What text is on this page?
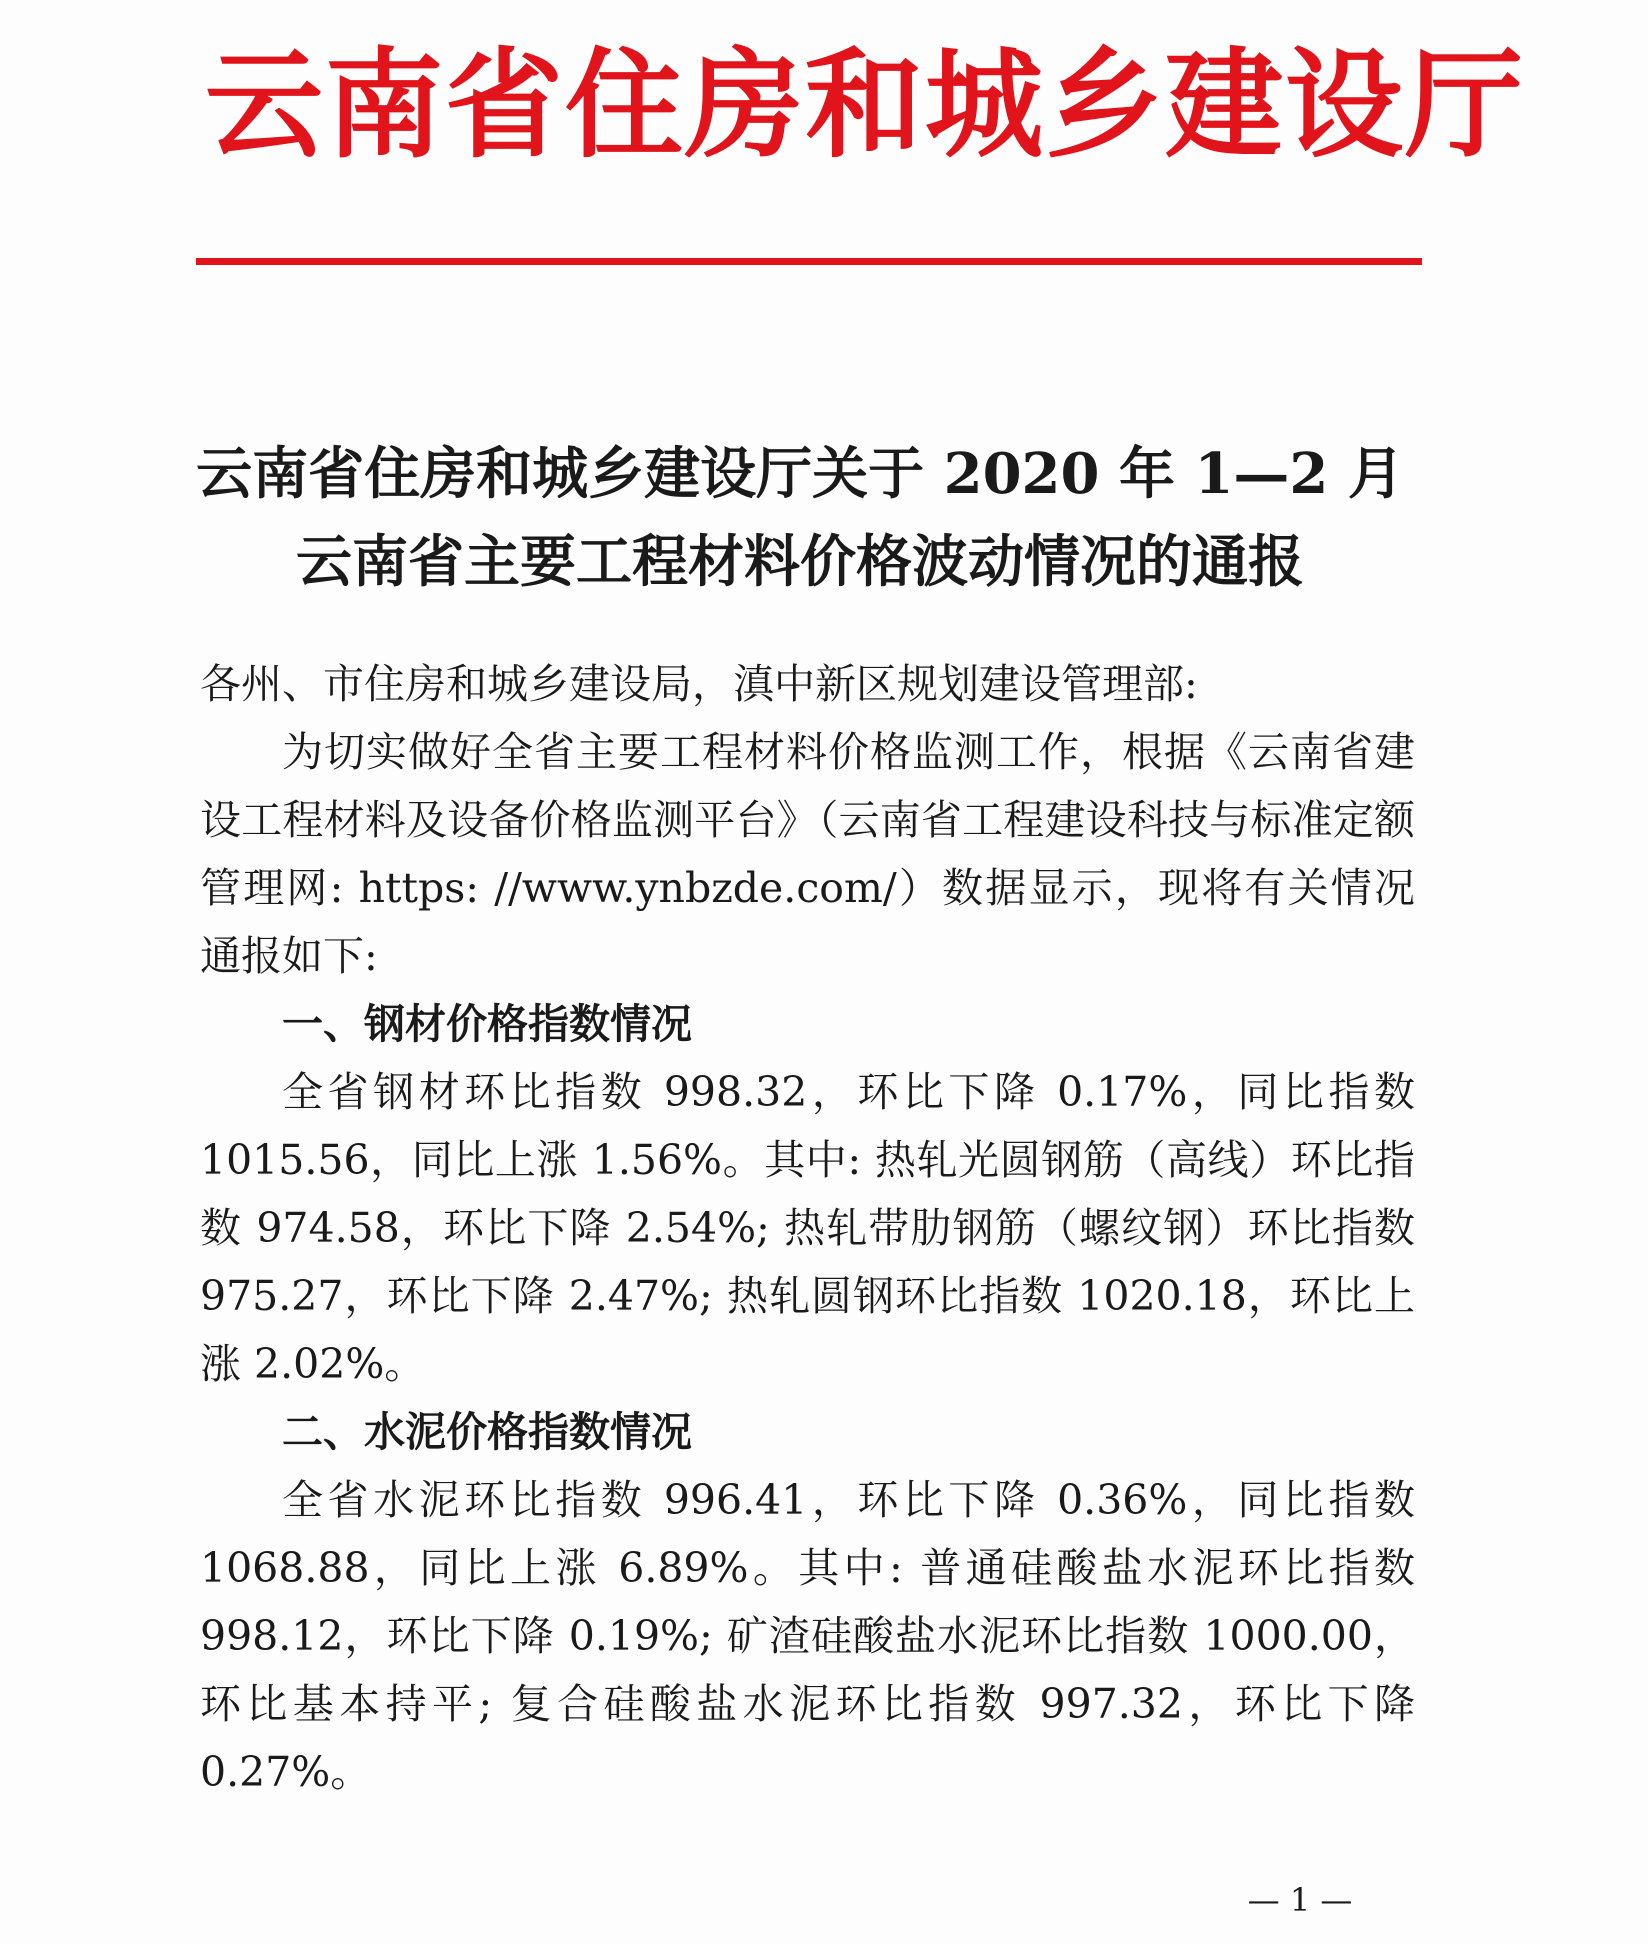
云南省住房和城乡建设厅
云南省住房和城乡建设厅关于 2020 年 1—2 月
云南省主要工程材料价格波动情况的通报

各州、市住房和城乡建设局，滇中新区规划建设管理部:

为切实做好全省主要工程材料价格监测工作，根据《云南省建设工程材料及设备价格监测平台》（云南省工程建设科技与标准定额管理网: https: //www.ynbzde.com/）数据显示，现将有关情况通报如下:

一、钢材价格指数情况

全省钢材环比指数 998.32，环比下降 0.17%，同比指数 1015.56，同比上涨 1.56%。其中: 热轧光圆钢筋（高线）环比指数 974.58，环比下降 2.54%; 热轧带肋钢筋（螺纹钢）环比指数 975.27，环比下降 2.47%; 热轧圆钢环比指数 1020.18，环比上涨 2.02%。

二、水泥价格指数情况

全省水泥环比指数 996.41，环比下降 0.36%，同比指数 1068.88，同比上涨 6.89%。其中: 普通硅酸盐水泥环比指数 998.12，环比下降 0.19%; 矿渣硅酸盐水泥环比指数 1000.00，环比基本持平; 复合硅酸盐水泥环比指数 997.32，环比下降 0.27%。

— 1 —
